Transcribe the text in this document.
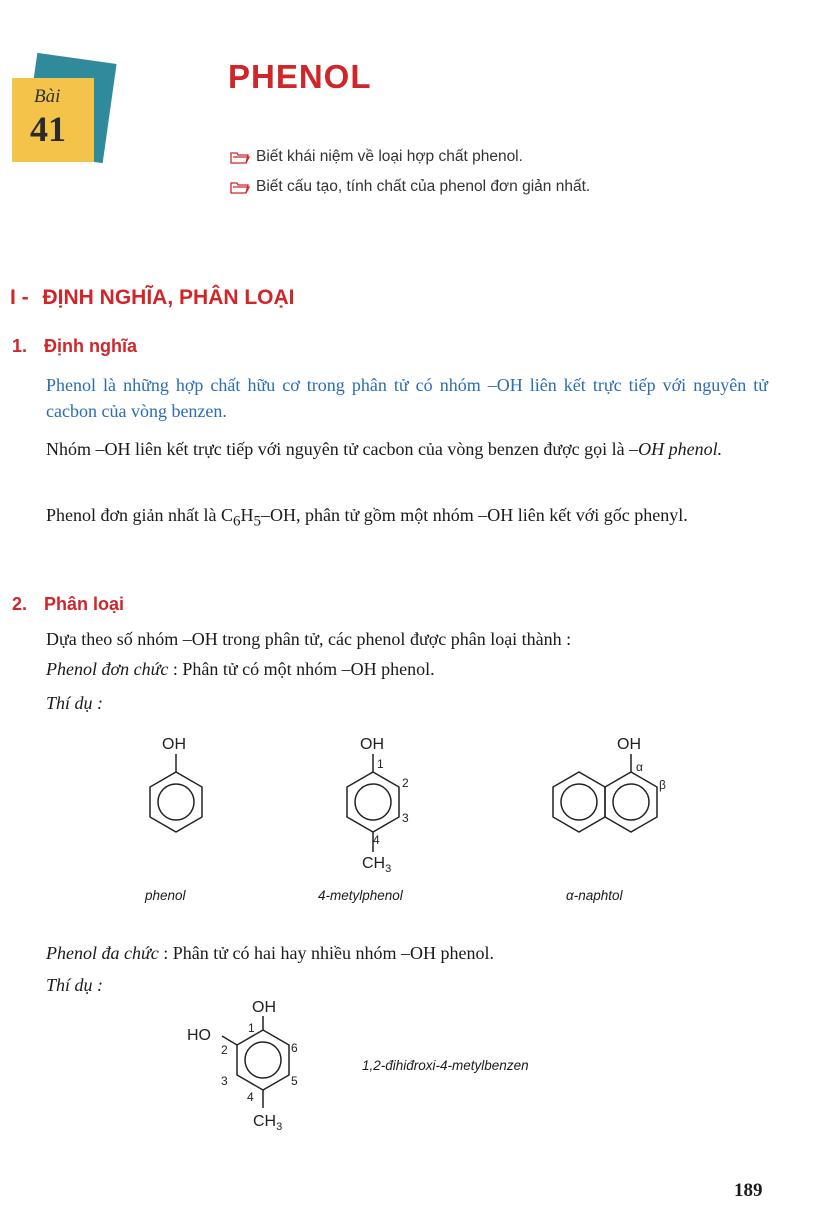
Bài
41
PHENOL
Biết khái niệm về loại hợp chất phenol.
Biết cấu tạo, tính chất của phenol đơn giản nhất.
I - ĐỊNH NGHĨA, PHÂN LOẠI
1. Định nghĩa
Phenol là những hợp chất hữu cơ trong phân tử có nhóm –OH liên kết trực tiếp với nguyên tử cacbon của vòng benzen.
Nhóm –OH liên kết trực tiếp với nguyên tử cacbon của vòng benzen được gọi là –OH phenol.
Phenol đơn giản nhất là $C_6H_5-OH$, phân tử gồm một nhóm –OH liên kết với gốc phenyl.
2. Phân loại
Dựa theo số nhóm –OH trong phân tử, các phenol được phân loại thành :
Phenol đơn chức : Phân tử có một nhóm –OH phenol.
Thí dụ :
OH	OH	OH
OH
HO
1
2
3
4
α
β
1
2
3
4
5
6
$CH_3$
$CH_3$
phenol	4-metylphenol	α-naphtol
Phenol đa chức : Phân tử có hai hay nhiều nhóm –OH phenol.
Thí dụ :
1,2-đihiđroxi-4-metylbenzen
189
